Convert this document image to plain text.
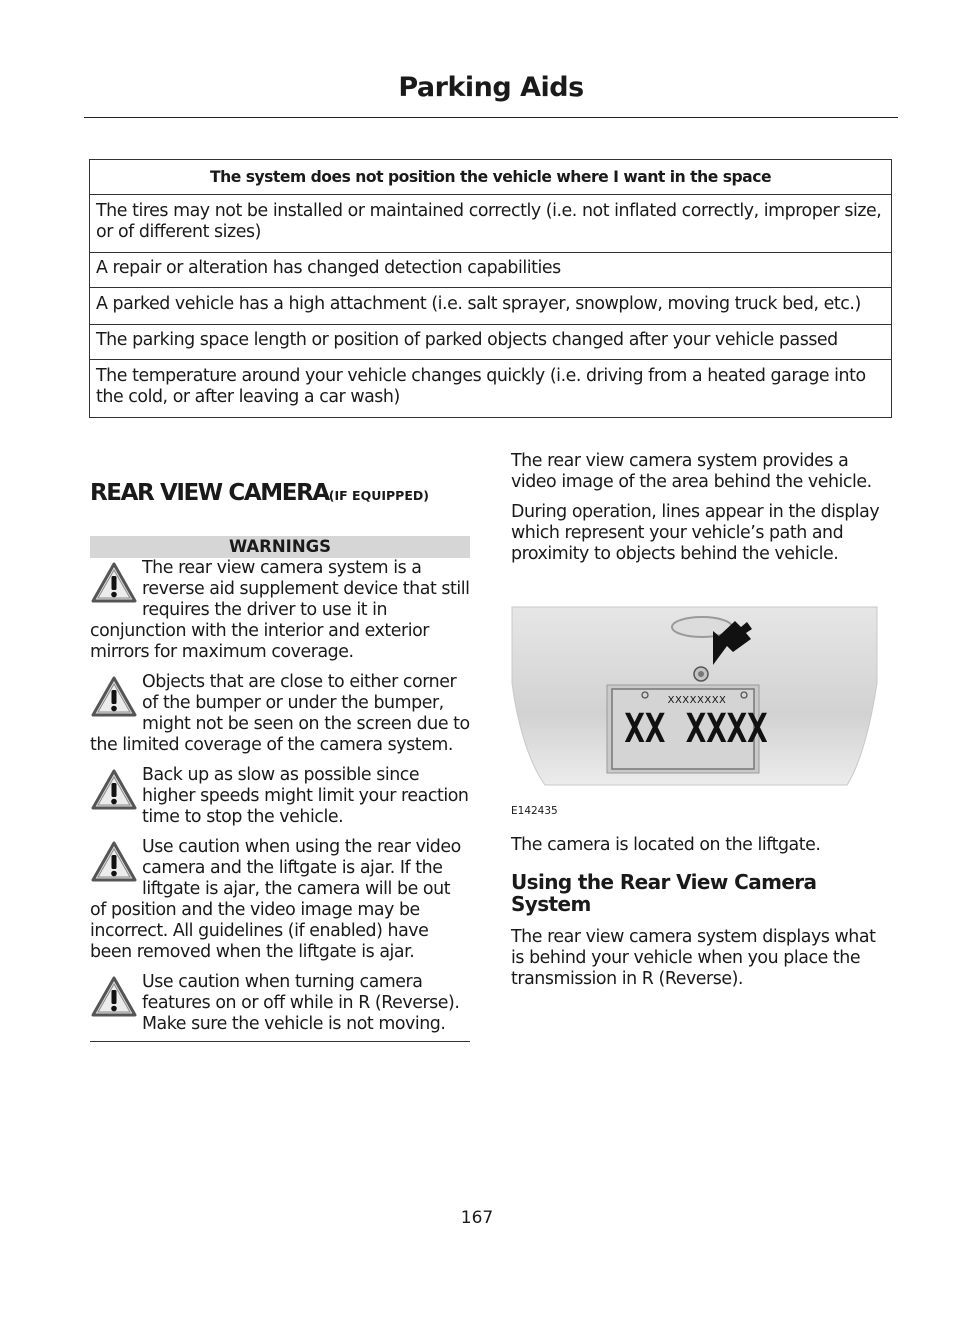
Parking Aids
The system does not position the vehicle where I want in the space
The tires may not be installed or maintained correctly (i.e. not inflated correctly, improper size, or of different sizes)
A repair or alteration has changed detection capabilities
A parked vehicle has a high attachment (i.e. salt sprayer, snowplow, moving truck bed, etc.)
The parking space length or position of parked objects changed after your vehicle passed
The temperature around your vehicle changes quickly (i.e. driving from a heated garage into the cold, or after leaving a car wash)
REAR VIEW CAMERA(IF EQUIPPED)
WARNINGS

The rear view camera system is a reverse aid supplement device that still requires the driver to use it in conjunction with the interior and exterior mirrors for maximum coverage.

Objects that are close to either corner of the bumper or under the bumper, might not be seen on the screen due to the limited coverage of the camera system.

Back up as slow as possible since higher speeds might limit your reaction time to stop the vehicle.

Use caution when using the rear video camera and the liftgate is ajar. If the liftgate is ajar, the camera will be out of position and the video image may be incorrect. All guidelines (if enabled) have been removed when the liftgate is ajar.

Use caution when turning camera features on or off while in R (Reverse). Make sure the vehicle is not moving.

The rear view camera system provides a video image of the area behind the vehicle.

During operation, lines appear in the display which represent your vehicle’s path and proximity to objects behind the vehicle.

XXXXXXXX
XX XXXX
E142435

The camera is located on the liftgate.

Using the Rear View Camera System

The rear view camera system displays what is behind your vehicle when you place the transmission in R (Reverse).

167
